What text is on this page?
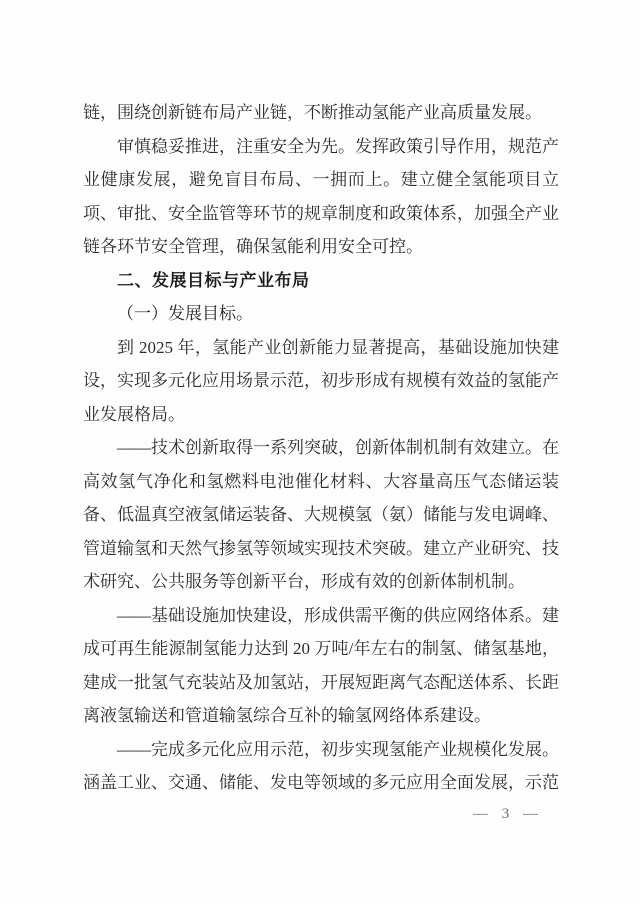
链，围绕创新链布局产业链，不断推动氢能产业高质量发展。
审慎稳妥推进，注重安全为先。发挥政策引导作用，规范产
业健康发展，避免盲目布局、一拥而上。建立健全氢能项目立
项、审批、安全监管等环节的规章制度和政策体系，加强全产业
链各环节安全管理，确保氢能利用安全可控。
二、发展目标与产业布局
（一）发展目标。
到 2025 年，氢能产业创新能力显著提高，基础设施加快建
设，实现多元化应用场景示范，初步形成有规模有效益的氢能产
业发展格局。
——技术创新取得一系列突破，创新体制机制有效建立。在
高效氢气净化和氢燃料电池催化材料、大容量高压气态储运装
备、低温真空液氢储运装备、大规模氢（氨）储能与发电调峰、
管道输氢和天然气掺氢等领域实现技术突破。建立产业研究、技
术研究、公共服务等创新平台，形成有效的创新体制机制。
——基础设施加快建设，形成供需平衡的供应网络体系。建
成可再生能源制氢能力达到 20 万吨/年左右的制氢、储氢基地，
建成一批氢气充装站及加氢站，开展短距离气态配送体系、长距
离液氢输送和管道输氢综合互补的输氢网络体系建设。
——完成多元化应用示范，初步实现氢能产业规模化发展。
涵盖工业、交通、储能、发电等领域的多元应用全面发展，示范
— 3 —
